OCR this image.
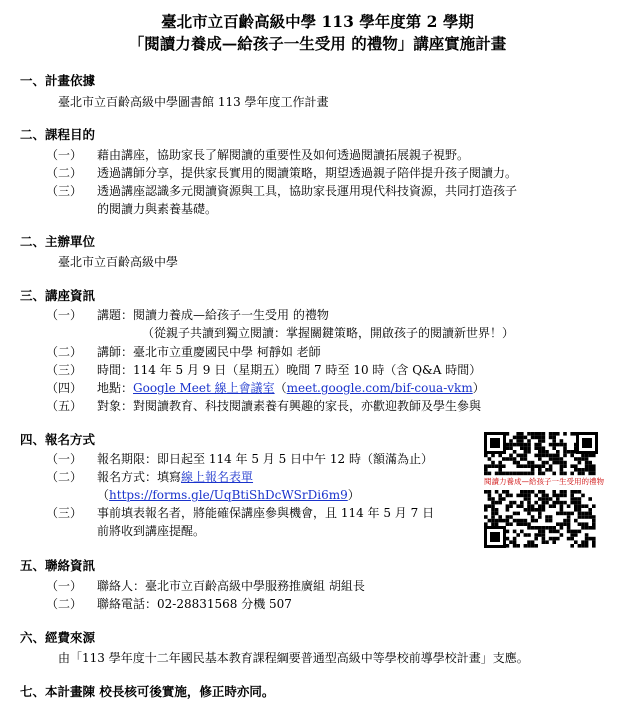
臺北市立百齡高級中學 113 學年度第 2 學期
「閱讀力養成—給孩子一生受用 的禮物」講座實施計畫
一、計畫依據
臺北市立百齡高級中學圖書館 113 學年度工作計畫
二、課程目的
（一） 藉由講座，協助家長了解閱讀的重要性及如何透過閱讀拓展親子視野。
（二） 透過講師分享，提供家長實用的閱讀策略，期望透過親子陪伴提升孩子閱讀力。
（三） 透過講座認識多元閱讀資源與工具，協助家長運用現代科技資源，共同打造孩子
的閱讀力與素養基礎。
二、主辦單位
臺北市立百齡高級中學
三、講座資訊
（一） 講題：閱讀力養成—給孩子一生受用 的禮物
（從親子共讀到獨立閱讀：掌握關鍵策略，開啟孩子的閱讀新世界！）
（二） 講師：臺北市立重慶國民中學 柯靜如 老師
（三） 時間：114 年 5 月 9 日（星期五）晚間 7 時至 10 時（含 Q&A 時間）
（四） 地點：Google Meet 線上會議室（meet.google.com/bif-coua-vkm）
（五） 對象：對閱讀教育、科技閱讀素養有興趣的家長，亦歡迎教師及學生參與
四、報名方式
（一） 報名期限：即日起至 114 年 5 月 5 日中午 12 時（額滿為止）
（二） 報名方式：填寫線上報名表單
（https://forms.gle/UqBtiShDcWSrDi6m9）
（三） 事前填表報名者，將能確保講座參與機會，且 114 年 5 月 7 日
前將收到講座提醒。
閱讀力養成—給孩子一生受用的禮物
五、聯絡資訊
（一） 聯絡人：臺北市立百齡高級中學服務推廣組 胡組長
（二） 聯絡電話：02-28831568 分機 507
六、經費來源
由「113 學年度十二年國民基本教育課程綱要普通型高級中等學校前導學校計畫」支應。
七、本計畫陳 校長核可後實施，修正時亦同。
